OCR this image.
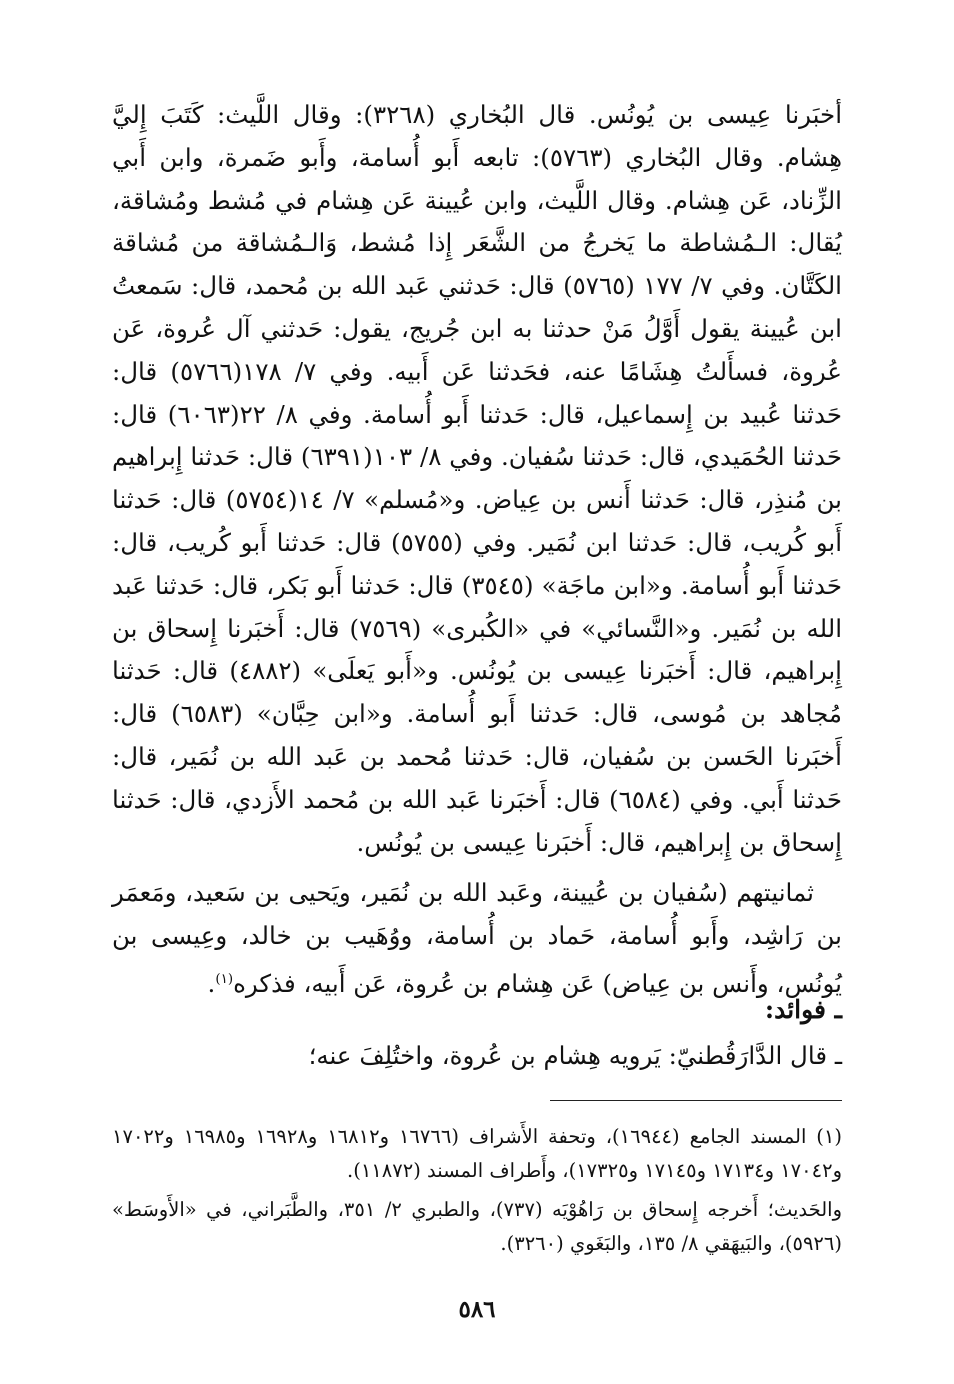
أخبَرنا عِيسى بن يُونُس. قال البُخاري (٣٢٦٨): وقال اللَّيث: كَتَبَ إِليَّ هِشام. وقال البُخاري (٥٧٦٣): تابعه أَبو أُسامة، وأَبو ضَمرة، وابن أَبي الزِّناد، عَن هِشام. وقال اللَّيث، وابن عُيينة عَن هِشام في مُشط ومُشاقة، يُقال: الـمُشاطة ما يَخرجُ من الشَّعَر إِذا مُشط، وَالـمُشاقة من مُشاقة الكَتَّان. وفي ٧/ ١٧٧ (٥٧٦٥) قال: حَدثني عَبد الله بن مُحمد، قال: سَمعتُ ابن عُيينة يقول أَوَّلُ مَنْ حدثنا به ابن جُريج، يقول: حَدثني آل عُروة، عَن عُروة، فسأَلتُ هِشَامًا عنه، فحَدثنا عَن أَبيه. وفي ٧/ ١٧٨(٥٧٦٦) قال: حَدثنا عُبيد بن إِسماعيل، قال: حَدثنا أَبو أُسامة. وفي ٨/ ٢٢(٦٠٦٣) قال: حَدثنا الحُمَيدي، قال: حَدثنا سُفيان. وفي ٨/ ١٠٣(٦٣٩١) قال: حَدثنا إِبراهيم بن مُنذِر، قال: حَدثنا أَنس بن عِياض. و«مُسلم» ٧/ ١٤(٥٧٥٤) قال: حَدثنا أَبو كُريب، قال: حَدثنا ابن نُمَير. وفي (٥٧٥٥) قال: حَدثنا أَبو كُريب، قال: حَدثنا أَبو أُسامة. و«ابن ماجَة» (٣٥٤٥) قال: حَدثنا أَبو بَكر، قال: حَدثنا عَبد الله بن نُمَير. و«النَّسائي» في «الكُبرى» (٧٥٦٩) قال: أَخبَرنا إِسحاق بن إِبراهيم، قال: أَخبَرنا عِيسى بن يُونُس. و«أَبو يَعلَى» (٤٨٨٢) قال: حَدثنا مُجاهد بن مُوسى، قال: حَدثنا أَبو أُسامة. و«ابن حِبَّان» (٦٥٨٣) قال: أَخبَرنا الحَسن بن سُفيان، قال: حَدثنا مُحمد بن عَبد الله بن نُمَير، قال: حَدثنا أَبي. وفي (٦٥٨٤) قال: أَخبَرنا عَبد الله بن مُحمد الأَزدي، قال: حَدثنا إِسحاق بن إِبراهيم، قال: أَخبَرنا عِيسى بن يُونُس.

ثمانيتهم (سُفيان بن عُيينة، وعَبد الله بن نُمَير، ويَحيى بن سَعيد، ومَعمَر بن رَاشِد، وأَبو أُسامة، حَماد بن أُسامة، ووُهَيب بن خالد، وعِيسى بن يُونُس، وأَنس بن عِياض) عَن هِشام بن عُروة، عَن أَبيه، فذكره$^{(١)}$.

ـ فوائد:
ـ قال الدَّارَقُطنيّ: يَرويه هِشام بن عُروة، واختُلِفَ عنه؛

(١) المسند الجامع (١٦٩٤٤)، وتحفة الأَشراف (١٦٧٦٦ و١٦٨١٢ و١٦٩٢٨ و١٦٩٨٥ و١٧٠٢٢ و١٧٠٤٢ و١٧١٣٤ و١٧١٤٥ و١٧٣٢٥)، وأَطراف المسند (١١٨٧٢).

والحَديث؛ أَخرجه إِسحاق بن رَاهُوْيَه (٧٣٧)، والطبري ٢/ ٣٥١، والطَّبَراني، في «الأَوسَط» (٥٩٢٦)، والبَيهَقي ٨/ ١٣٥، والبَغَوي (٣٢٦٠).

٥٨٦
